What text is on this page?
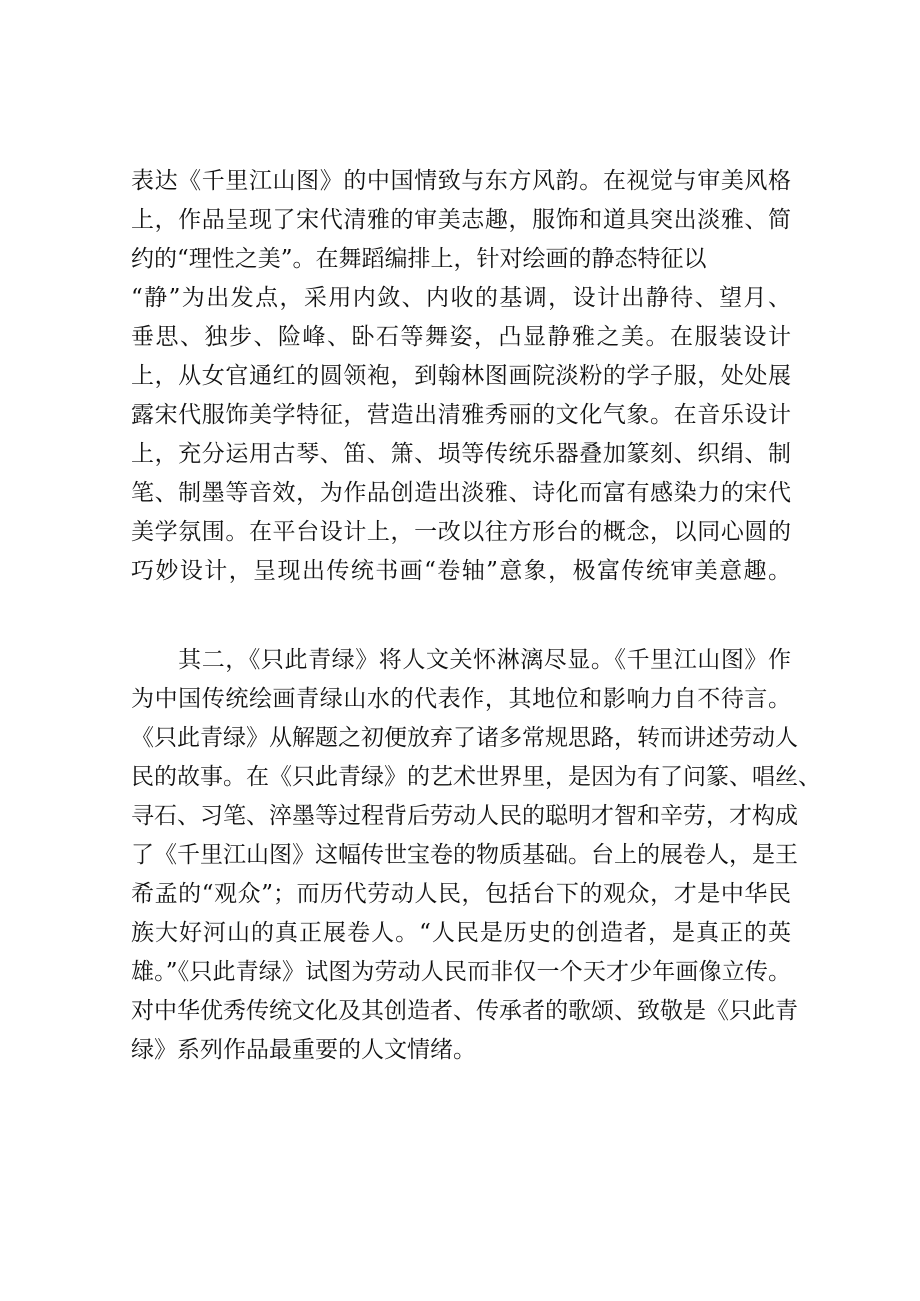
表达《千里江山图》的中国情致与东方风韵。在视觉与审美风格
上，作品呈现了宋代清雅的审美志趣，服饰和道具突出淡雅、简
约的“理性之美”。在舞蹈编排上，针对绘画的静态特征以
“静”为出发点，采用内敛、内收的基调，设计出静待、望月、
垂思、独步、险峰、卧石等舞姿，凸显静雅之美。在服装设计
上，从女官通红的圆领袍，到翰林图画院淡粉的学子服，处处展
露宋代服饰美学特征，营造出清雅秀丽的文化气象。在音乐设计
上，充分运用古琴、笛、箫、埙等传统乐器叠加篆刻、织绢、制
笔、制墨等音效，为作品创造出淡雅、诗化而富有感染力的宋代
美学氛围。在平台设计上，一改以往方形台的概念，以同心圆的
巧妙设计，呈现出传统书画“卷轴”意象，极富传统审美意趣。
　　其二，《只此青绿》将人文关怀淋漓尽显。《千里江山图》作
为中国传统绘画青绿山水的代表作，其地位和影响力自不待言。
《只此青绿》从解题之初便放弃了诸多常规思路，转而讲述劳动人
民的故事。在《只此青绿》的艺术世界里，是因为有了问篆、唱丝、
寻石、习笔、淬墨等过程背后劳动人民的聪明才智和辛劳，才构成
了《千里江山图》这幅传世宝卷的物质基础。台上的展卷人，是王
希孟的“观众”；而历代劳动人民，包括台下的观众，才是中华民
族大好河山的真正展卷人。“人民是历史的创造者，是真正的英
雄。”《只此青绿》试图为劳动人民而非仅一个天才少年画像立传。
对中华优秀传统文化及其创造者、传承者的歌颂、致敬是《只此青
绿》系列作品最重要的人文情绪。
